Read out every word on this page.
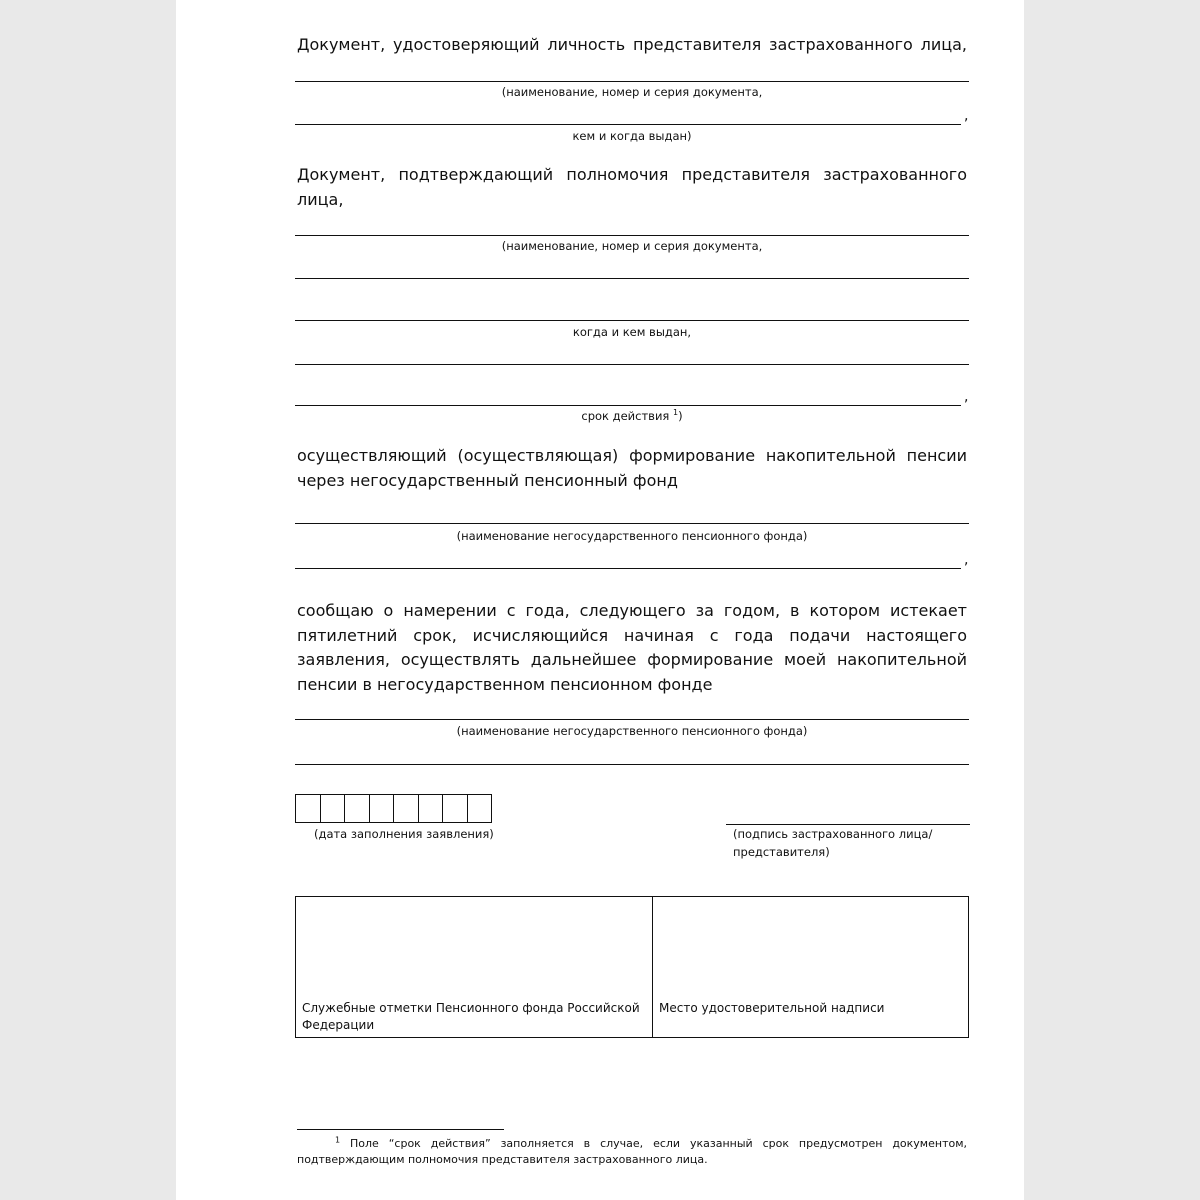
Документ, удостоверяющий личность представителя застрахованного лица,
(наименование, номер и серия документа,
,
кем и когда выдан)
Документ, подтверждающий полномочия представителя застрахованного лица,
(наименование, номер и серия документа,
когда и кем выдан,
,
срок действия $^1$)
осуществляющий (осуществляющая) формирование накопительной пенсии через негосударственный пенсионный фонд
(наименование негосударственного пенсионного фонда)
,
сообщаю о намерении с года, следующего за годом, в котором истекает пятилетний срок, исчисляющийся начиная с года подачи настоящего заявления, осуществлять дальнейшее формирование моей накопительной пенсии в негосударственном пенсионном фонде
(наименование негосударственного пенсионного фонда)
(дата заполнения заявления)	(подпись застрахованного лица/ представителя)
Служебные отметки Пенсионного фонда Российской Федерации
Место удостоверительной надписи
$^1$ Поле “срок действия” заполняется в случае, если указанный срок предусмотрен документом, подтверждающим полномочия представителя застрахованного лица.
